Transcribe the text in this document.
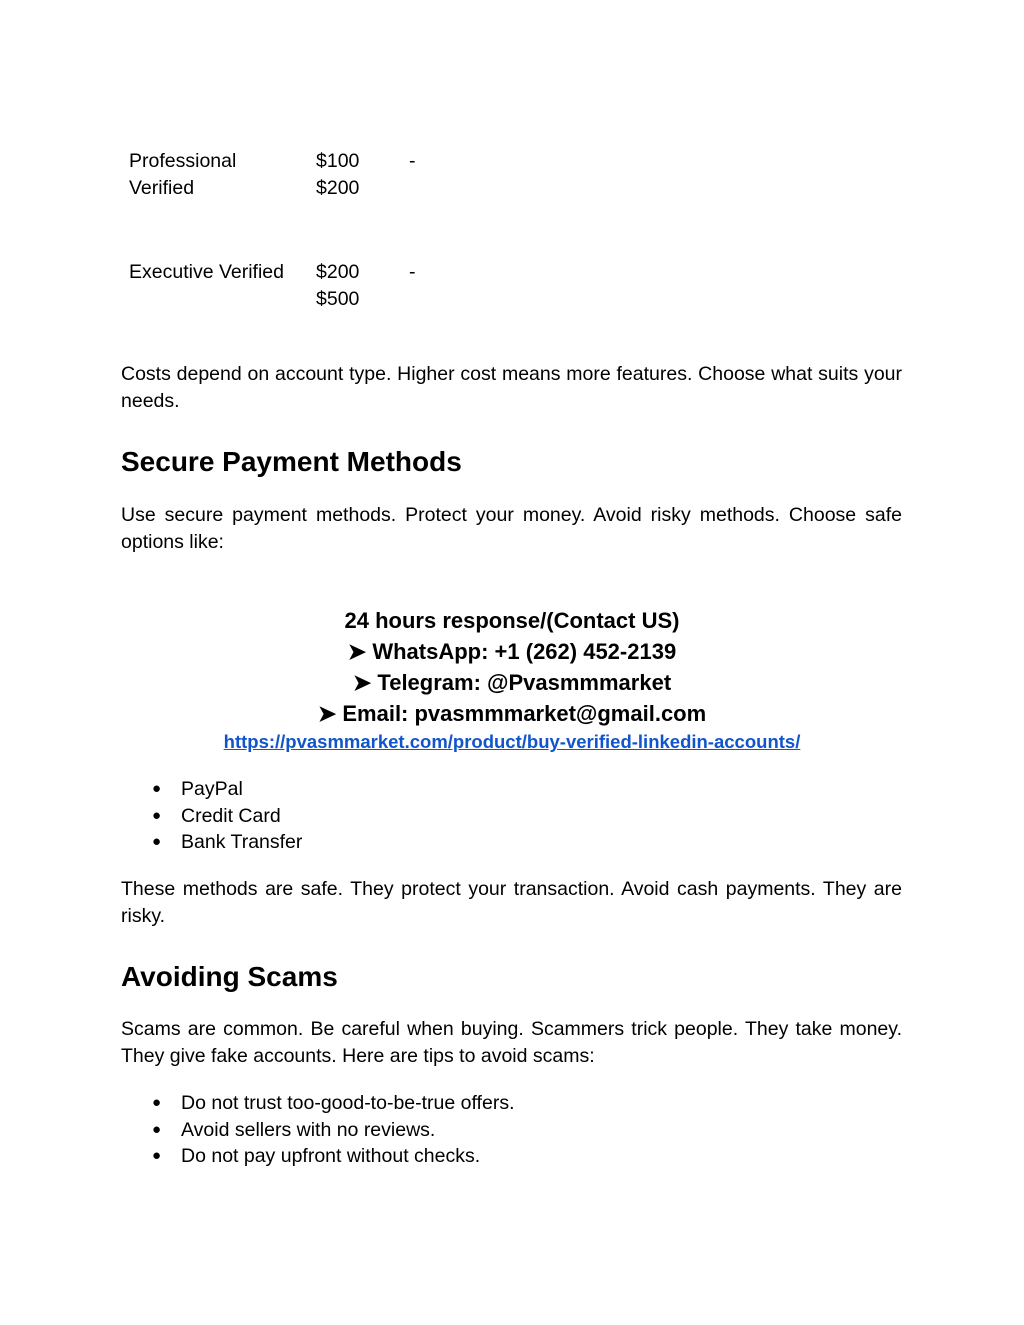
Professional
Verified
$100
$200
-
Executive Verified	$200
$500
-

Costs depend on account type. Higher cost means more features. Choose what suits your needs.

Secure Payment Methods

Use secure payment methods. Protect your money. Avoid risky methods. Choose safe options like:

24 hours response/(Contact US)
➤ WhatsApp: +1 (262) 452-2139
➤ Telegram: @Pvasmmmarket
➤ Email: pvasmmmarket@gmail.com
https://pvasmmarket.com/product/buy-verified-linkedin-accounts/
● PayPal
● Credit Card
● Bank Transfer

These methods are safe. They protect your transaction. Avoid cash payments. They are risky.

Avoiding Scams

Scams are common. Be careful when buying. Scammers trick people. They take money. They give fake accounts. Here are tips to avoid scams:

● Do not trust too-good-to-be-true offers.
● Avoid sellers with no reviews.
● Do not pay upfront without checks.
